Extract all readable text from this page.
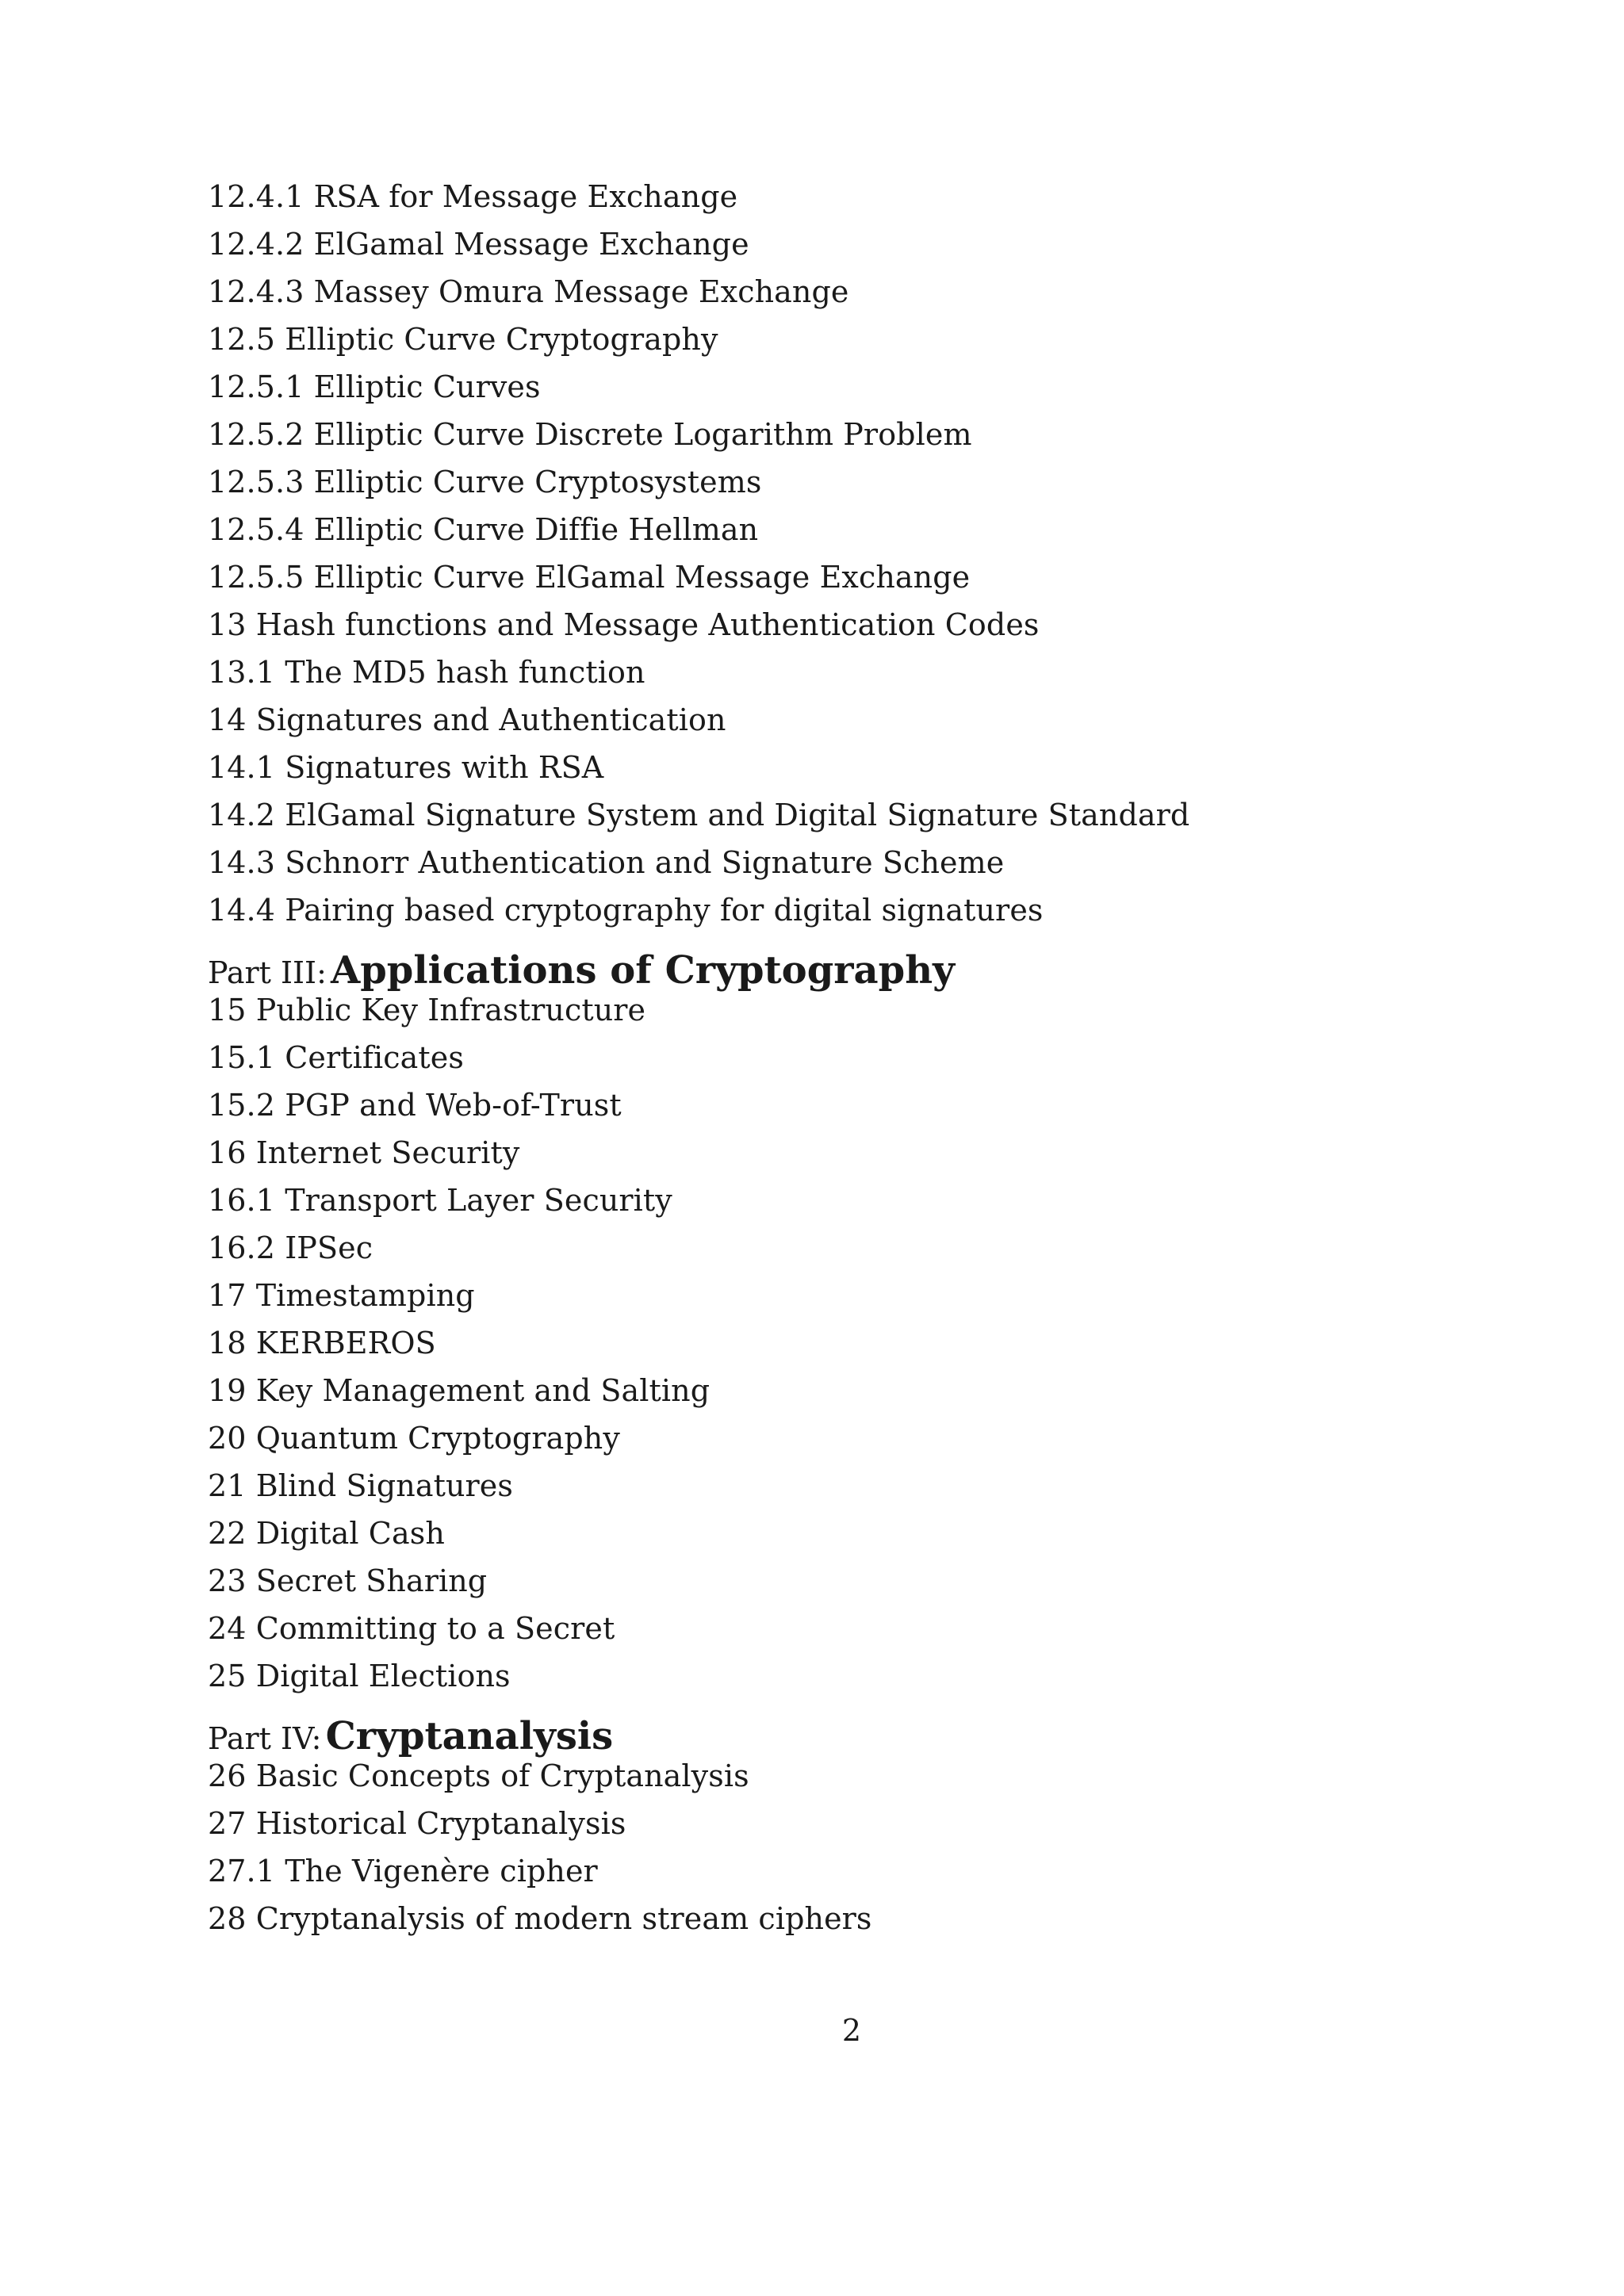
12.4.1 RSA for Message Exchange
12.4.2 ElGamal Message Exchange
12.4.3 Massey Omura Message Exchange
12.5 Elliptic Curve Cryptography
12.5.1 Elliptic Curves
12.5.2 Elliptic Curve Discrete Logarithm Problem
12.5.3 Elliptic Curve Cryptosystems
12.5.4 Elliptic Curve Diffie Hellman
12.5.5 Elliptic Curve ElGamal Message Exchange
13 Hash functions and Message Authentication Codes
13.1 The MD5 hash function
14 Signatures and Authentication
14.1 Signatures with RSA
14.2 ElGamal Signature System and Digital Signature Standard
14.3 Schnorr Authentication and Signature Scheme
14.4 Pairing based cryptography for digital signatures
Part III: Applications of Cryptography
15 Public Key Infrastructure
15.1 Certificates
15.2 PGP and Web-of-Trust
16 Internet Security
16.1 Transport Layer Security
16.2 IPSec
17 Timestamping
18 KERBEROS
19 Key Management and Salting
20 Quantum Cryptography
21 Blind Signatures
22 Digital Cash
23 Secret Sharing
24 Committing to a Secret
25 Digital Elections
Part IV: Cryptanalysis
26 Basic Concepts of Cryptanalysis
27 Historical Cryptanalysis
27.1 The Vigenère cipher
28 Cryptanalysis of modern stream ciphers
2
